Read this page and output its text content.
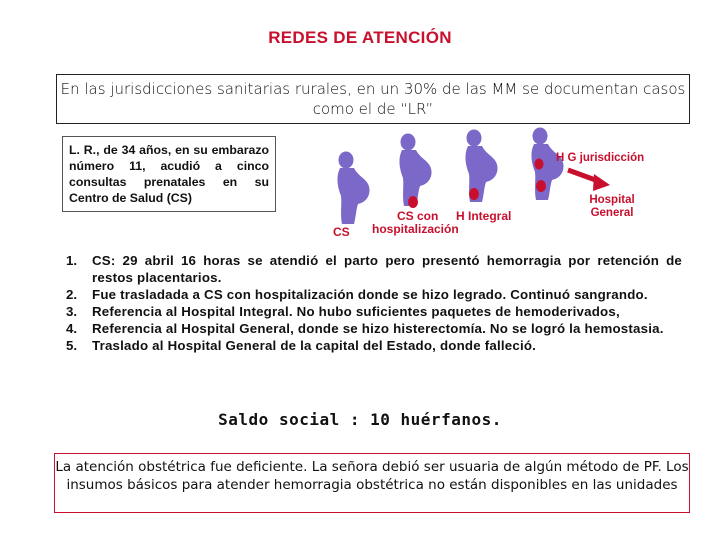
REDES DE ATENCIÓN
En las jurisdicciones sanitarias rurales, en un 30% de las MM se documentan casos como el de “LR”
L. R., de 34 años, en su embarazo número 11, acudió a cinco consultas prenatales en su Centro de Salud (CS)
CS
CS con
hospitalización
H Integral
H G jurisdicción
Hospital General
1.	CS: 29 abril 16 horas se atendió el parto pero presentó hemorragia por retención de restos placentarios.
2.	Fue trasladada a CS con hospitalización donde se hizo legrado. Continuó sangrando.
3.	Referencia al Hospital Integral. No hubo suficientes paquetes de hemoderivados,
4.	Referencia al Hospital General, donde se hizo histerectomía. No se logró la hemostasia.
5.	Traslado al Hospital General de la capital del Estado, donde falleció.
Saldo social : 10 huérfanos.
La atención obstétrica fue deficiente. La señora debió ser usuaria de algún método de PF. Los insumos básicos para atender hemorragia obstétrica no están disponibles en las unidades
